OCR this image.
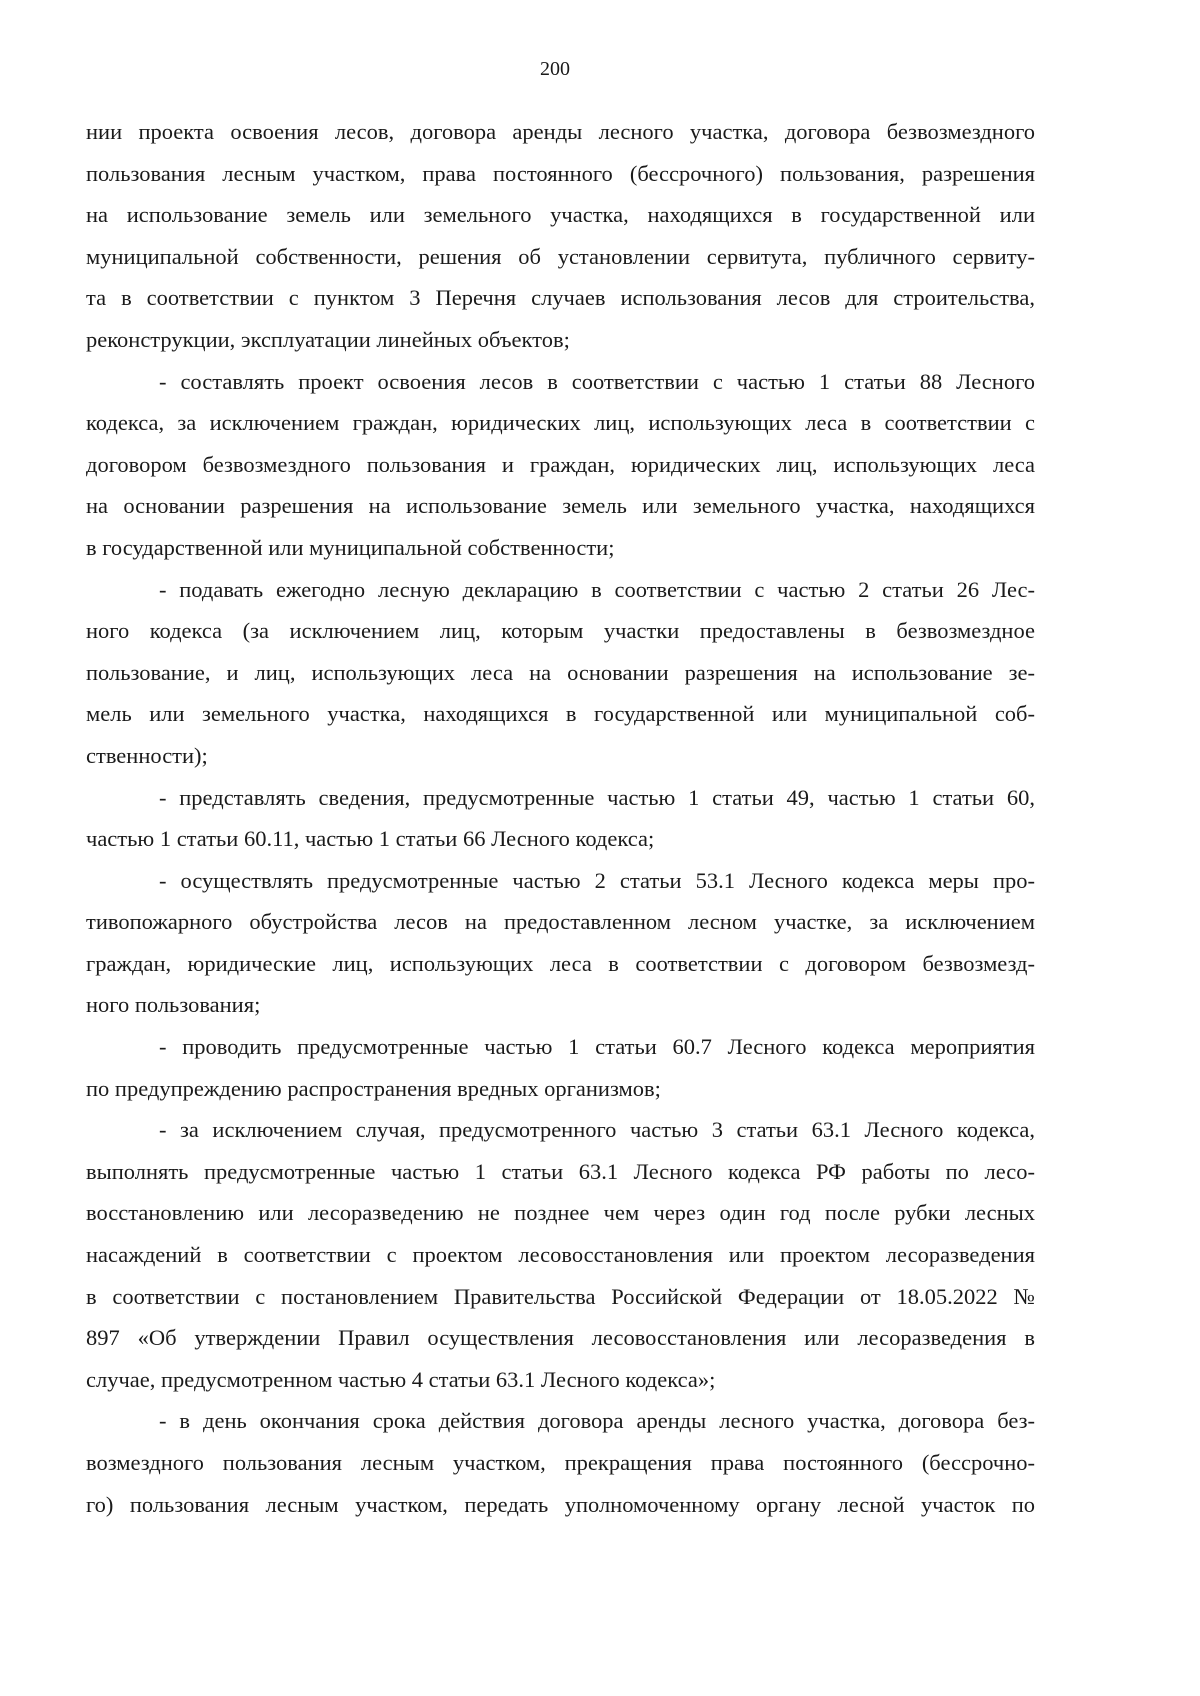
200
нии проекта освоения лесов, договора аренды лесного участка, договора безвозмездного
пользования лесным участком, права постоянного (бессрочного) пользования, разрешения
на использование земель или земельного участка, находящихся в государственной или
муниципальной собственности, решения об установлении сервитута, публичного сервиту-
та в соответствии с пунктом 3 Перечня случаев использования лесов для строительства,
реконструкции, эксплуатации линейных объектов;
- составлять проект освоения лесов в соответствии с частью 1 статьи 88 Лесного
кодекса, за исключением граждан, юридических лиц, использующих леса в соответствии с
договором безвозмездного пользования и граждан, юридических лиц, использующих леса
на основании разрешения на использование земель или земельного участка, находящихся
в государственной или муниципальной собственности;
- подавать ежегодно лесную декларацию в соответствии с частью 2 статьи 26 Лес-
ного кодекса (за исключением лиц, которым участки предоставлены в безвозмездное
пользование, и лиц, использующих леса на основании разрешения на использование зе-
мель или земельного участка, находящихся в государственной или муниципальной соб-
ственности);
- представлять сведения, предусмотренные частью 1 статьи 49, частью 1 статьи 60,
частью 1 статьи 60.11, частью 1 статьи 66 Лесного кодекса;
- осуществлять предусмотренные частью 2 статьи 53.1 Лесного кодекса меры про-
тивопожарного обустройства лесов на предоставленном лесном участке, за исключением
граждан, юридические лиц, использующих леса в соответствии с договором безвозмезд-
ного пользования;
- проводить предусмотренные частью 1 статьи 60.7 Лесного кодекса мероприятия
по предупреждению распространения вредных организмов;
- за исключением случая, предусмотренного частью 3 статьи 63.1 Лесного кодекса,
выполнять предусмотренные частью 1 статьи 63.1 Лесного кодекса РФ работы по лесо-
восстановлению или лесоразведению не позднее чем через один год после рубки лесных
насаждений в соответствии с проектом лесовосстановления или проектом лесоразведения
в соответствии с постановлением Правительства Российской Федерации от 18.05.2022 №
897 «Об утверждении Правил осуществления лесовосстановления или лесоразведения в
случае, предусмотренном частью 4 статьи 63.1 Лесного кодекса»;
- в день окончания срока действия договора аренды лесного участка, договора без-
возмездного пользования лесным участком, прекращения права постоянного (бессрочно-
го) пользования лесным участком, передать уполномоченному органу лесной участок по
